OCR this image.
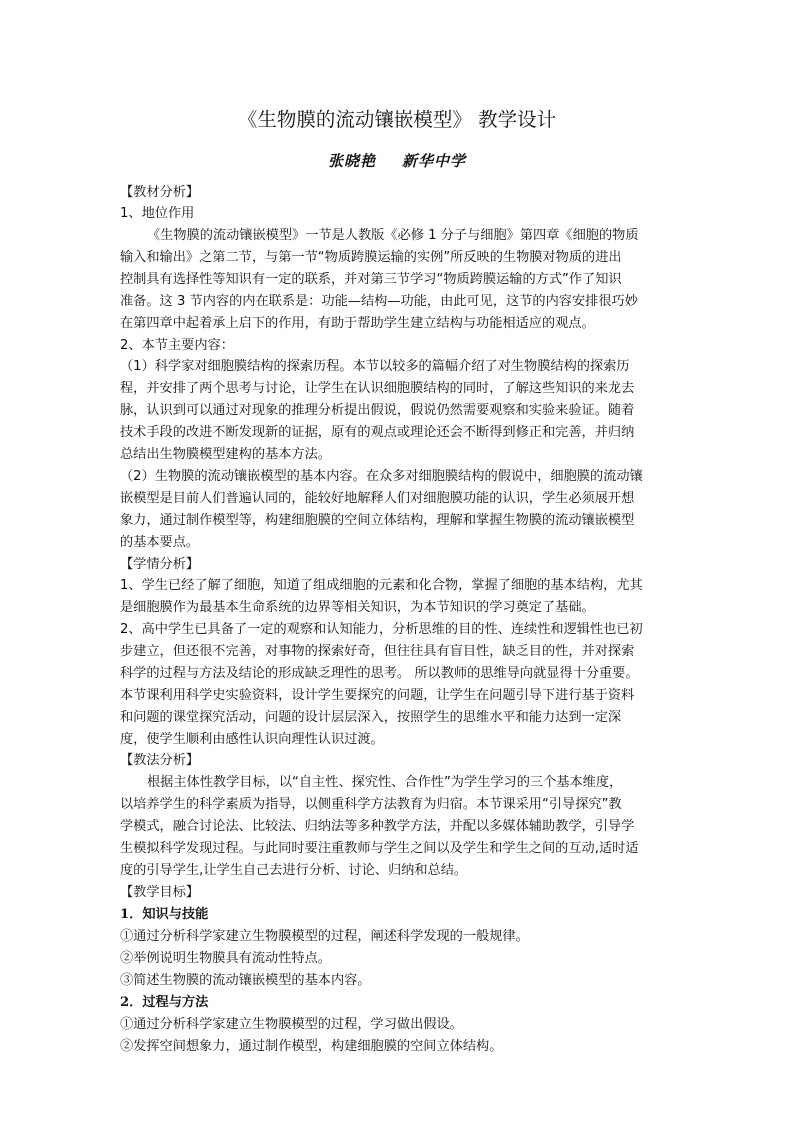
《生物膜的流动镶嵌模型》 教学设计
张晓艳 新华中学
【教材分析】
1、地位作用
《生物膜的流动镶嵌模型》一节是人教版《必修 1 分子与细胞》第四章《细胞的物质
输入和输出》之第二节，与第一节“物质跨膜运输的实例”所反映的生物膜对物质的进出
控制具有选择性等知识有一定的联系，并对第三节学习“物质跨膜运输的方式”作了知识
准备。这 3 节内容的内在联系是：功能—结构—功能，由此可见，这节的内容安排很巧妙
在第四章中起着承上启下的作用，有助于帮助学生建立结构与功能相适应的观点。
2、本节主要内容：
（1）科学家对细胞膜结构的探索历程。本节以较多的篇幅介绍了对生物膜结构的探索历
程，并安排了两个思考与讨论，让学生在认识细胞膜结构的同时，了解这些知识的来龙去
脉，认识到可以通过对现象的推理分析提出假说，假说仍然需要观察和实验来验证。随着
技术手段的改进不断发现新的证据，原有的观点或理论还会不断得到修正和完善，并归纳
总结出生物膜模型建构的基本方法。
（2）生物膜的流动镶嵌模型的基本内容。在众多对细胞膜结构的假说中，细胞膜的流动镶
嵌模型是目前人们普遍认同的，能较好地解释人们对细胞膜功能的认识，学生必须展开想
象力，通过制作模型等，构建细胞膜的空间立体结构，理解和掌握生物膜的流动镶嵌模型
的基本要点。
【学情分析】
1、学生已经了解了细胞，知道了组成细胞的元素和化合物，掌握了细胞的基本结构，尤其
是细胞膜作为最基本生命系统的边界等相关知识，为本节知识的学习奠定了基础。
2、高中学生已具备了一定的观察和认知能力，分析思维的目的性、连续性和逻辑性也已初
步建立，但还很不完善，对事物的探索好奇，但往往具有盲目性，缺乏目的性，并对探索
科学的过程与方法及结论的形成缺乏理性的思考。 所以教师的思维导向就显得十分重要。
本节课利用科学史实验资料，设计学生要探究的问题，让学生在问题引导下进行基于资料
和问题的课堂探究活动，问题的设计层层深入，按照学生的思维水平和能力达到一定深
度，使学生顺利由感性认识向理性认识过渡。
【教法分析】
根据主体性教学目标，以“自主性、探究性、合作性”为学生学习的三个基本维度，
以培养学生的科学素质为指导，以侧重科学方法教育为归宿。本节课采用“引导探究”教
学模式，融合讨论法、比较法、归纳法等多种教学方法，并配以多媒体辅助教学，引导学
生模拟科学发现过程。与此同时要注重教师与学生之间以及学生和学生之间的互动,适时适
度的引导学生,让学生自己去进行分析、讨论、归纳和总结。
【教学目标】
1．知识与技能
①通过分析科学家建立生物膜模型的过程，阐述科学发现的一般规律。
②举例说明生物膜具有流动性特点。
③简述生物膜的流动镶嵌模型的基本内容。
2．过程与方法
①通过分析科学家建立生物膜模型的过程，学习做出假设。
②发挥空间想象力，通过制作模型，构建细胞膜的空间立体结构。
